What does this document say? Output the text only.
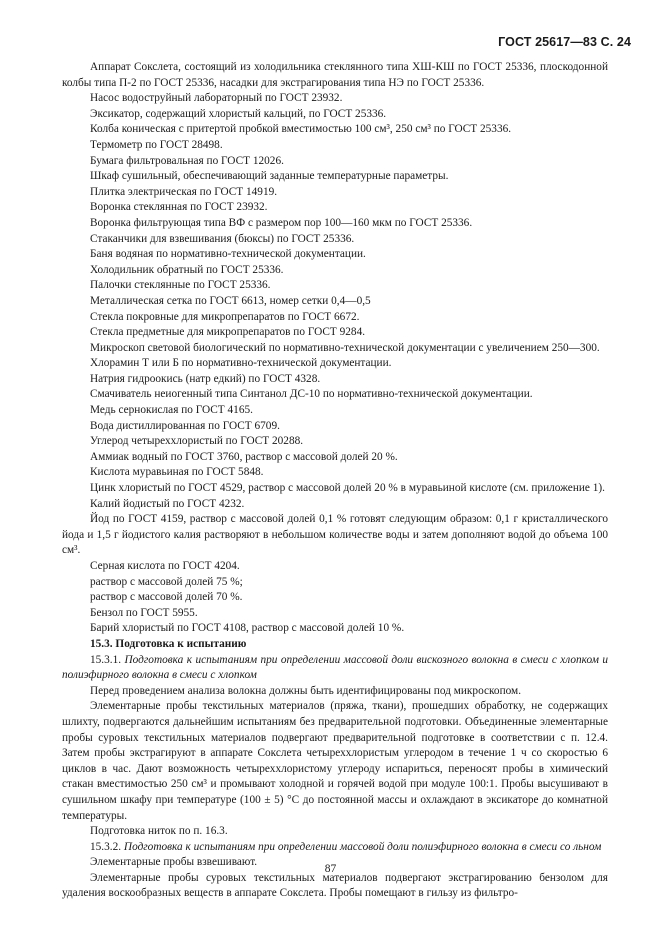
ГОСТ 25617—83 С. 24

Аппарат Сокслета, состоящий из холодильника стеклянного типа ХШ-КШ по ГОСТ 25336, плоскодонной колбы типа П-2 по ГОСТ 25336, насадки для экстрагирования типа НЭ по ГОСТ 25336.

Насос водоструйный лабораторный по ГОСТ 23932.

Эксикатор, содержащий хлористый кальций, по ГОСТ 25336.

Колба коническая с притертой пробкой вместимостью 100 см³, 250 см³ по ГОСТ 25336.

Термометр по ГОСТ 28498.

Бумага фильтровальная по ГОСТ 12026.

Шкаф сушильный, обеспечивающий заданные температурные параметры.

Плитка электрическая по ГОСТ 14919.

Воронка стеклянная по ГОСТ 23932.

Воронка фильтрующая типа ВФ с размером пор 100—160 мкм по ГОСТ 25336.

Стаканчики для взвешивания (бюксы) по ГОСТ 25336.

Баня водяная по нормативно-технической документации.

Холодильник обратный по ГОСТ 25336.

Палочки стеклянные по ГОСТ 25336.

Металлическая сетка по ГОСТ 6613, номер сетки 0,4—0,5

Стекла покровные для микропрепаратов по ГОСТ 6672.

Стекла предметные для микропрепаратов по ГОСТ 9284.

Микроскоп световой биологический по нормативно-технической документации с увеличением 250—300.

Хлорамин Т или Б по нормативно-технической документации.

Натрия гидроокись (натр едкий) по ГОСТ 4328.

Смачиватель неиогенный типа Синтанол ДС-10 по нормативно-технической документации.

Медь сернокислая по ГОСТ 4165.

Вода дистиллированная по ГОСТ 6709.

Углерод четыреххлористый по ГОСТ 20288.

Аммиак водный по ГОСТ 3760, раствор с массовой долей 20 %.

Кислота муравьиная по ГОСТ 5848.

Цинк хлористый по ГОСТ 4529, раствор с массовой долей 20 % в муравьиной кислоте (см. приложение 1).

Калий йодистый по ГОСТ 4232.

Йод по ГОСТ 4159, раствор с массовой долей 0,1 % готовят следующим образом: 0,1 г кристаллического йода и 1,5 г йодистого калия растворяют в небольшом количестве воды и затем дополняют водой до объема 100 см³.

Серная кислота по ГОСТ 4204.

раствор с массовой долей 75 %;

раствор с массовой долей 70 %.

Бензол по ГОСТ 5955.

Барий хлористый по ГОСТ 4108, раствор с массовой долей 10 %.

15.3. Подготовка к испытанию

15.3.1. Подготовка к испытаниям при определении массовой доли вискозного волокна в смеси с хлопком и полиэфирного волокна в смеси с хлопком

Перед проведением анализа волокна должны быть идентифицированы под микроскопом.

Элементарные пробы текстильных материалов (пряжа, ткани), прошедших обработку, не содержащих шлихту, подвергаются дальнейшим испытаниям без предварительной подготовки. Объединенные элементарные пробы суровых текстильных материалов подвергают предварительной подготовке в соответствии с п. 12.4. Затем пробы экстрагируют в аппарате Сокслета четыреххлористым углеродом в течение 1 ч со скоростью 6 циклов в час. Дают возможность четыреххлористому углероду испариться, переносят пробы в химический стакан вместимостью 250 см³ и промывают холодной и горячей водой при модуле 100:1. Пробы высушивают в сушильном шкафу при температуре (100 ± 5) °С до постоянной массы и охлаждают в эксикаторе до комнатной температуры.

Подготовка ниток по п. 16.3.

15.3.2. Подготовка к испытаниям при определении массовой доли полиэфирного волокна в смеси со льном

Элементарные пробы взвешивают.

Элементарные пробы суровых текстильных материалов подвергают экстрагированию бензолом для удаления воскообразных веществ в аппарате Сокслета. Пробы помещают в гильзу из фильтро-

87
